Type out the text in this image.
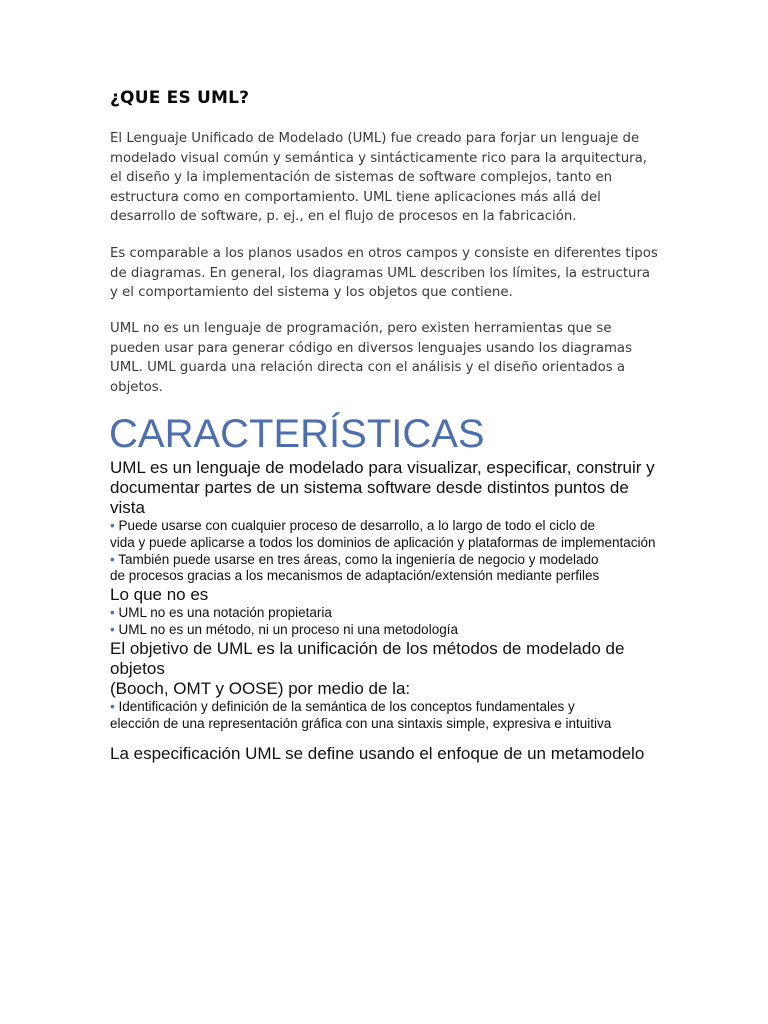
¿QUE ES UML?

El Lenguaje Unificado de Modelado (UML) fue creado para forjar un lenguaje de modelado visual común y semántica y sintácticamente rico para la arquitectura, el diseño y la implementación de sistemas de software complejos, tanto en estructura como en comportamiento. UML tiene aplicaciones más allá del desarrollo de software, p. ej., en el flujo de procesos en la fabricación.

Es comparable a los planos usados en otros campos y consiste en diferentes tipos de diagramas. En general, los diagramas UML describen los límites, la estructura y el comportamiento del sistema y los objetos que contiene.

UML no es un lenguaje de programación, pero existen herramientas que se pueden usar para generar código en diversos lenguajes usando los diagramas UML. UML guarda una relación directa con el análisis y el diseño orientados a objetos.

CARACTERÍSTICAS

UML es un lenguaje de modelado para visualizar, especificar, construir y

documentar partes de un sistema software desde distintos puntos de vista

• Puede usarse con cualquier proceso de desarrollo, a lo largo de todo el ciclo de

vida y puede aplicarse a todos los dominios de aplicación y plataformas de implementación

• También puede usarse en tres áreas, como la ingeniería de negocio y modelado

de procesos gracias a los mecanismos de adaptación/extensión mediante perfiles

Lo que no es

• UML no es una notación propietaria

• UML no es un método, ni un proceso ni una metodología

El objetivo de UML es la unificación de los métodos de modelado de objetos

(Booch, OMT y OOSE) por medio de la:

• Identificación y definición de la semántica de los conceptos fundamentales y

elección de una representación gráfica con una sintaxis simple, expresiva e intuitiva

La especificación UML se define usando el enfoque de un metamodelo
